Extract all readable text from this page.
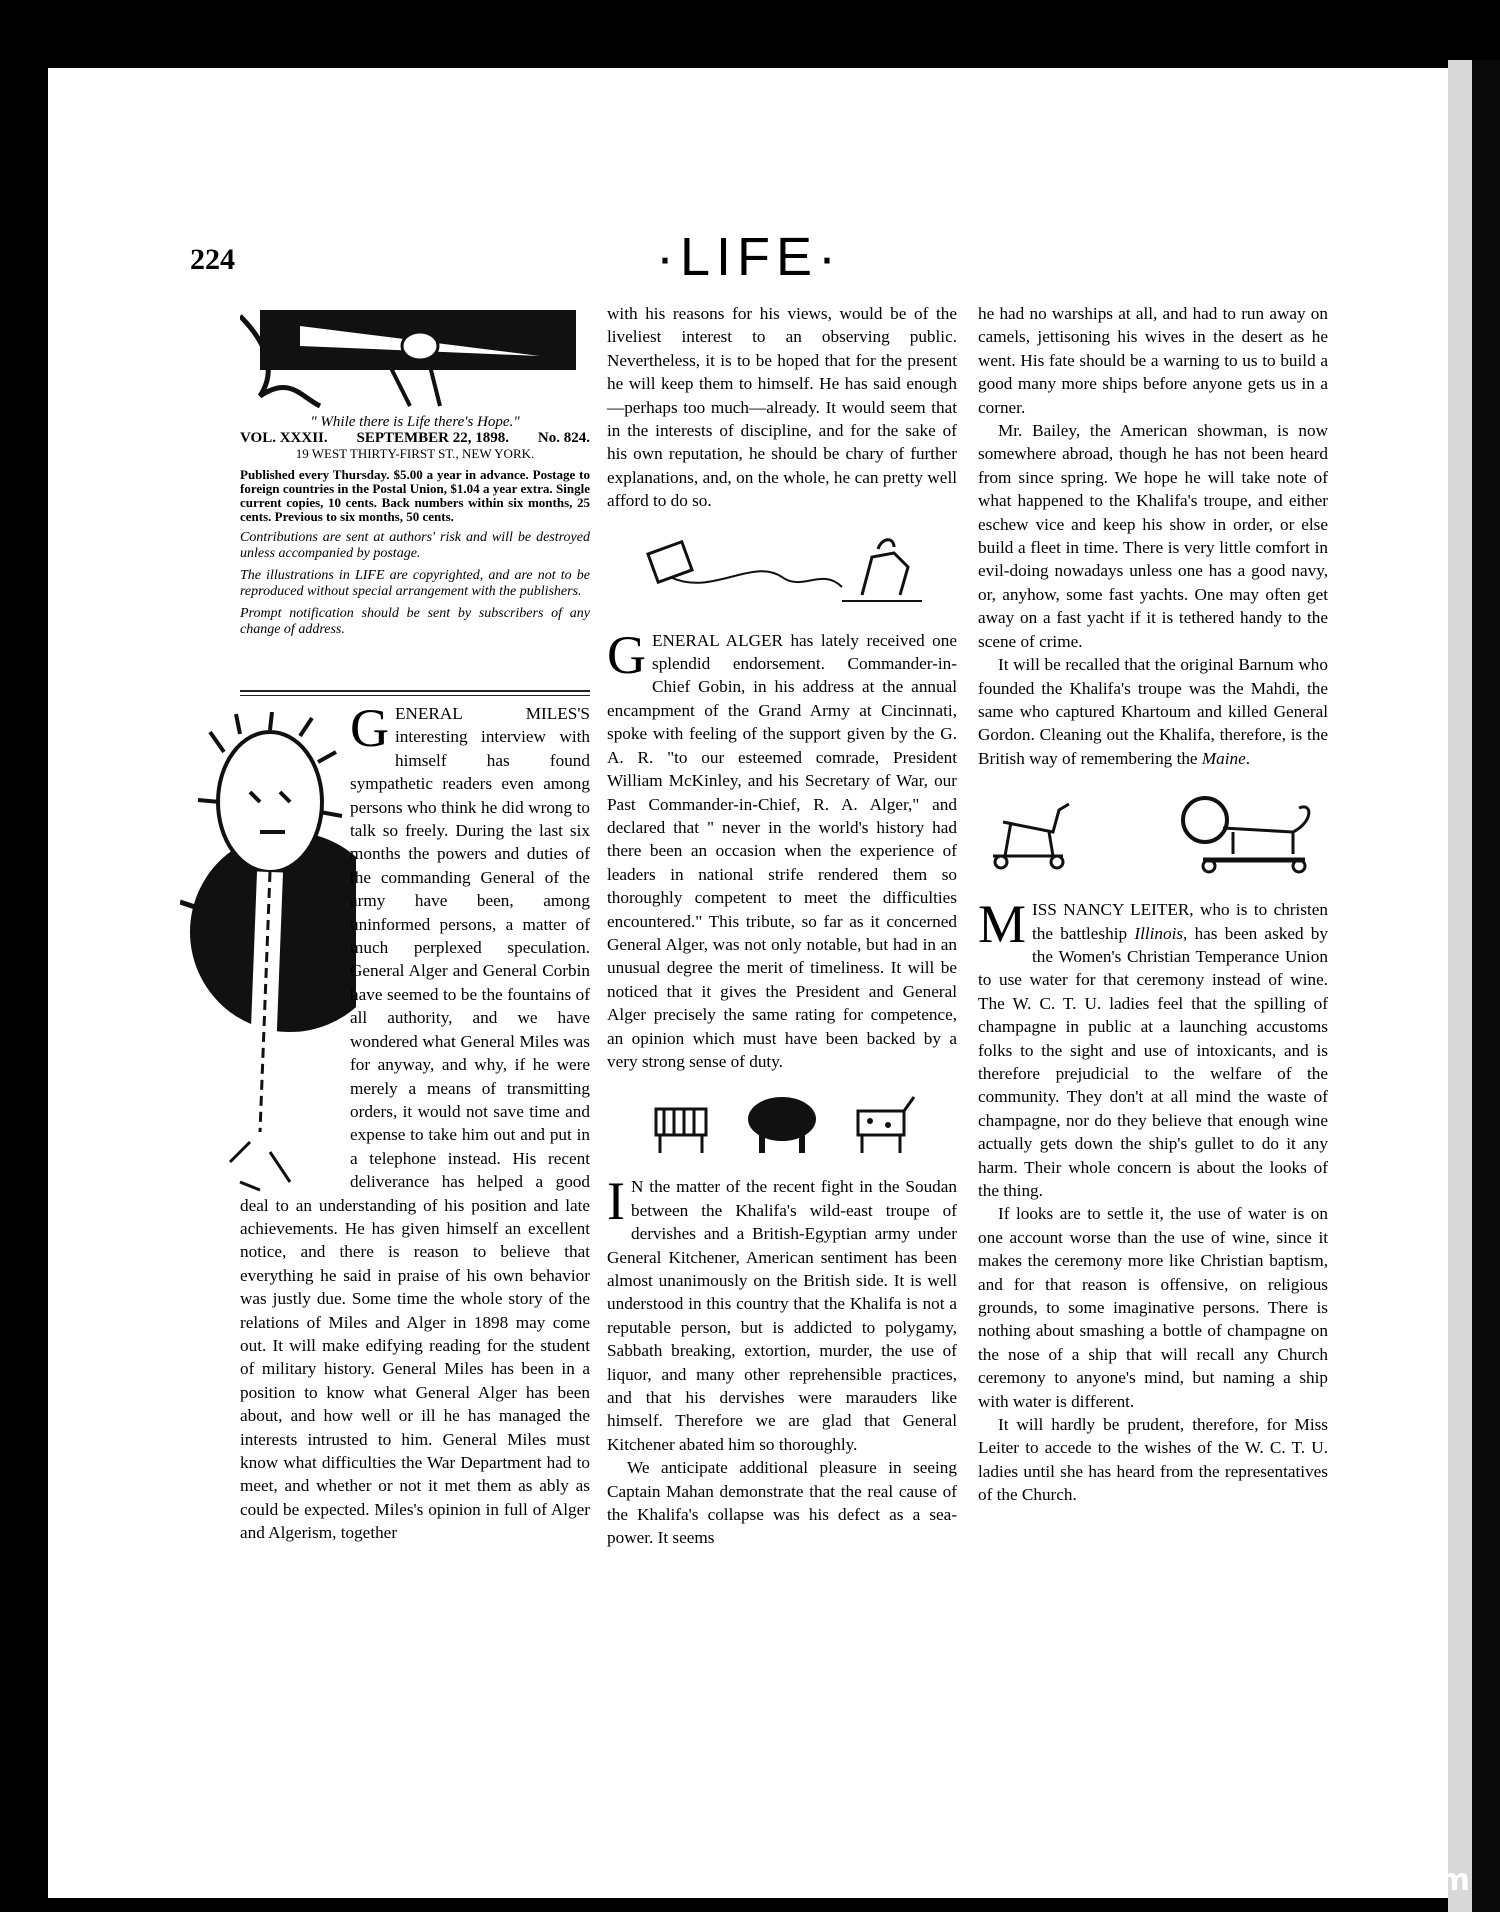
224	·LIFE·
" While there is Life there's Hope."
VOL. XXXII. SEPTEMBER 22, 1898. No. 824.
19 WEST THIRTY-FIRST ST., NEW YORK.
Published every Thursday. $5.00 a year in advance. Postage to foreign countries in the Postal Union, $1.04 a year extra. Single current copies, 10 cents. Back numbers within six months, 25 cents. Previous to six months, 50 cents.
Contributions are sent at authors' risk and will be destroyed unless accompanied by postage.
The illustrations in LIFE are copyrighted, and are not to be reproduced without special arrangement with the publishers.
Prompt notification should be sent by subscribers of any change of address.

GENERAL MILES'S interesting interview with himself has found sympathetic readers even among persons who think he did wrong to talk so freely. During the last six months the powers and duties of the commanding General of the army have been, among uninformed persons, a matter of much perplexed speculation. General Alger and General Corbin have seemed to be the fountains of all authority, and we have wondered what General Miles was for anyway, and why, if he were merely a means of transmitting orders, it would not save time and expense to take him out and put in a telephone instead. His recent deliverance has helped a good deal to an understanding of his position and late achievements. He has given himself an excellent notice, and there is reason to believe that everything he said in praise of his own behavior was justly due. Some time the whole story of the relations of Miles and Alger in 1898 may come out. It will make edifying reading for the student of military history. General Miles has been in a position to know what General Alger has been about, and how well or ill he has managed the interests intrusted to him. General Miles must know what difficulties the War Department had to meet, and whether or not it met them as ably as could be expected. Miles's opinion in full of Alger and Algerism, together

with his reasons for his views, would be of the liveliest interest to an observing public. Nevertheless, it is to be hoped that for the present he will keep them to himself. He has said enough—perhaps too much—already. It would seem that in the interests of discipline, and for the sake of his own reputation, he should be chary of further explanations, and, on the whole, he can pretty well afford to do so.

GENERAL ALGER has lately received one splendid endorsement. Commander-in-Chief Gobin, in his address at the annual encampment of the Grand Army at Cincinnati, spoke with feeling of the support given by the G. A. R. "to our esteemed comrade, President William McKinley, and his Secretary of War, our Past Commander-in-Chief, R. A. Alger," and declared that " never in the world's history had there been an occasion when the experience of leaders in national strife rendered them so thoroughly competent to meet the difficulties encountered." This tribute, so far as it concerned General Alger, was not only notable, but had in an unusual degree the merit of timeliness. It will be noticed that it gives the President and General Alger precisely the same rating for competence, an opinion which must have been backed by a very strong sense of duty.

I N the matter of the recent fight in the Soudan between the Khalifa's wild-east troupe of dervishes and a British-Egyptian army under General Kitchener, American sentiment has been almost unanimously on the British side. It is well understood in this country that the Khalifa is not a reputable person, but is addicted to polygamy, Sabbath breaking, extortion, murder, the use of liquor, and many other reprehensible practices, and that his dervishes were marauders like himself. Therefore we are glad that General Kitchener abated him so thoroughly.

We anticipate additional pleasure in seeing Captain Mahan demonstrate that the real cause of the Khalifa's collapse was his defect as a sea-power. It seems

he had no warships at all, and had to run away on camels, jettisoning his wives in the desert as he went. His fate should be a warning to us to build a good many more ships before anyone gets us in a corner.

Mr. Bailey, the American showman, is now somewhere abroad, though he has not been heard from since spring. We hope he will take note of what happened to the Khalifa's troupe, and either eschew vice and keep his show in order, or else build a fleet in time. There is very little comfort in evil-doing nowadays unless one has a good navy, or, anyhow, some fast yachts. One may often get away on a fast yacht if it is tethered handy to the scene of crime.

It will be recalled that the original Barnum who founded the Khalifa's troupe was the Mahdi, the same who captured Khartoum and killed General Gordon. Cleaning out the Khalifa, therefore, is the British way of remembering the Maine.

MISS NANCY LEITER, who is to christen the battleship Illinois, has been asked by the Women's Christian Temperance Union to use water for that ceremony instead of wine. The W. C. T. U. ladies feel that the spilling of champagne in public at a launching accustoms folks to the sight and use of intoxicants, and is therefore prejudicial to the welfare of the community. They don't at all mind the waste of champagne, nor do they believe that enough wine actually gets down the ship's gullet to do it any harm. Their whole concern is about the looks of the thing.

If looks are to settle it, the use of water is on one account worse than the use of wine, since it makes the ceremony more like Christian baptism, and for that reason is offensive, on religious grounds, to some imaginative persons. There is nothing about smashing a bottle of champagne on the nose of a ship that will recall any Church ceremony to anyone's mind, but naming a ship with water is different.

It will hardly be prudent, therefore, for Miss Leiter to accede to the wishes of the W. C. T. U. ladies until she has heard from the representatives of the Church.

comicbooks.com
